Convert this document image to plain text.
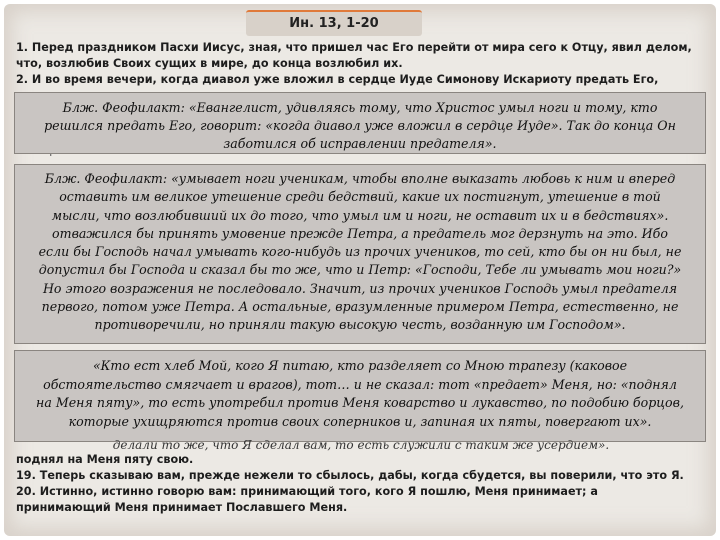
Ин. 13, 1-20

1. Перед праздником Пасхи Иисус, зная, что пришел час Его перейти от мира сего к Отцу, явил делом,

что, возлюбив Своих сущих в мире, до конца возлюбил их.

2. И во время вечери, когда диавол уже вложил в сердце Иуде Симонову Искариоту предать Его,

Блж. Феофилакт: «Евангелист, удивляясь тому, что Христос умыл ноги и тому, кто
решился предать Его, говорит: «когда диавол уже вложил в сердце Иуде». Так до конца Он
заботился об исправлении предателя».
Блж. Феофилакт: «умывает ноги ученикам, чтобы вполне выказать любовь к ним и вперед
оставить им великое утешение среди бедствий, какие их постигнут, утешение в той
мысли, что возлюбивший их до того, что умыл им и ноги, не оставит их и в бедствиях».
отважился бы принять умовение прежде Петра, а предатель мог дерзнуть на это. Ибо
если бы Господь начал умывать кого-нибудь из прочих учеников, то сей, кто бы он ни был, не
допустил бы Господа и сказал бы то же, что и Петр: «Господи, Тебе ли умывать мои ноги?»
Но этого возражения не последовало. Значит, из прочих учеников Господь умыл предателя
первого, потом уже Петра. А остальные, вразумленные примером Петра, естественно, не
противоречили, но приняли такую высокую честь, возданную им Господом».
«Кто ест хлеб Мой, кого Я питаю, кто разделяет со Мною трапезу (каковое
обстоятельство смягчает и врагов), тот… и не сказал: тот «предает» Меня, но: «поднял
на Меня пяту», то есть употребил против Меня коварство и лукавство, по подобию борцов,
которые ухищряются против своих соперников и, запиная их пяты, повергают их».
делали то же, что Я сделал вам, то есть служили с таким же усердием».

поднял на Меня пяту свою.

19. Теперь сказываю вам, прежде нежели то сбылось, дабы, когда сбудется, вы поверили, что это Я.

20. Истинно, истинно говорю вам: принимающий того, кого Я пошлю, Меня принимает; а

принимающий Меня принимает Пославшего Меня.
